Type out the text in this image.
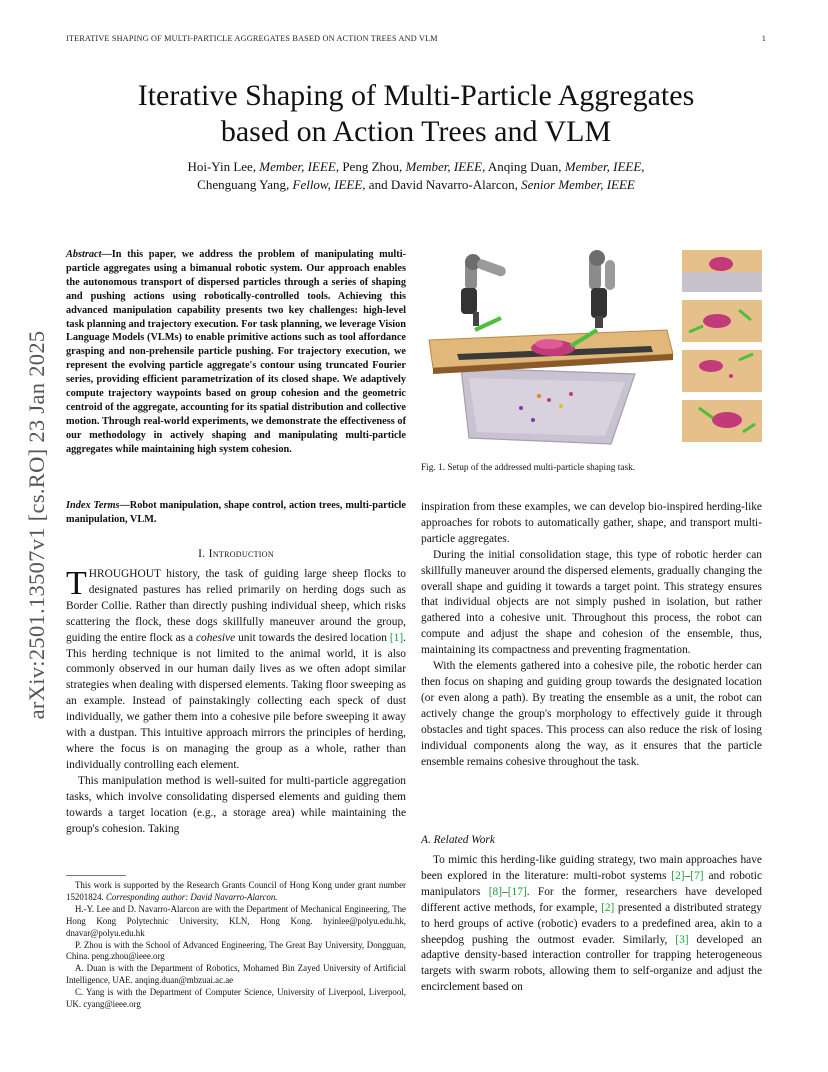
ITERATIVE SHAPING OF MULTI-PARTICLE AGGREGATES BASED ON ACTION TREES AND VLM	1
arXiv:2501.13507v1 [cs.RO] 23 Jan 2025
Iterative Shaping of Multi-Particle Aggregates
based on Action Trees and VLM
Hoi-Yin Lee, Member, IEEE, Peng Zhou, Member, IEEE, Anqing Duan, Member, IEEE,
Chenguang Yang, Fellow, IEEE, and David Navarro-Alarcon, Senior Member, IEEE
Abstract—In this paper, we address the problem of manipulating multi-particle aggregates using a bimanual robotic system. Our approach enables the autonomous transport of dispersed particles through a series of shaping and pushing actions using robotically-controlled tools. Achieving this advanced manipulation capability presents two key challenges: high-level task planning and trajectory execution. For task planning, we leverage Vision Language Models (VLMs) to enable primitive actions such as tool affordance grasping and non-prehensile particle pushing. For trajectory execution, we represent the evolving particle aggregate's contour using truncated Fourier series, providing efficient parametrization of its closed shape. We adaptively compute trajectory waypoints based on group cohesion and the geometric centroid of the aggregate, accounting for its spatial distribution and collective motion. Through real-world experiments, we demonstrate the effectiveness of our methodology in actively shaping and manipulating multi-particle aggregates while maintaining high system cohesion.
Index Terms—Robot manipulation, shape control, action trees, multi-particle manipulation, VLM.
I. Introduction

THROUGHOUT history, the task of guiding large sheep flocks to designated pastures has relied primarily on herding dogs such as Border Collie. Rather than directly pushing individual sheep, which risks scattering the flock, these dogs skillfully maneuver around the group, guiding the entire flock as a cohesive unit towards the desired location [1]. This herding technique is not limited to the animal world, it is also commonly observed in our human daily lives as we often adopt similar strategies when dealing with dispersed elements. Taking floor sweeping as an example. Instead of painstakingly collecting each speck of dust individually, we gather them into a cohesive pile before sweeping it away with a dustpan. This intuitive approach mirrors the principles of herding, where the focus is on managing the group as a whole, rather than individually controlling each element.

This manipulation method is well-suited for multi-particle aggregation tasks, which involve consolidating dispersed elements and guiding them towards a target location (e.g., a storage area) while maintaining the group's cohesion. Taking

This work is supported by the Research Grants Council of Hong Kong under grant number 15201824. Corresponding author: David Navarro-Alarcon.

H.-Y. Lee and D. Navarro-Alarcon are with the Department of Mechanical Engineering, The Hong Kong Polytechnic University, KLN, Hong Kong. hyinlee@polyu.edu.hk, dnavar@polyu.edu.hk

P. Zhou is with the School of Advanced Engineering, The Great Bay University, Dongguan, China. peng.zhou@ieee.org

A. Duan is with the Department of Robotics, Mohamed Bin Zayed University of Artificial Intelligence, UAE. anqing.duan@mbzuai.ac.ae

C. Yang is with the Department of Computer Science, University of Liverpool, Liverpool, UK. cyang@ieee.org

Fig. 1. Setup of the addressed multi-particle shaping task.

inspiration from these examples, we can develop bio-inspired herding-like approaches for robots to automatically gather, shape, and transport multi-particle aggregates.

During the initial consolidation stage, this type of robotic herder can skillfully maneuver around the dispersed elements, gradually changing the overall shape and guiding it towards a target point. This strategy ensures that individual objects are not simply pushed in isolation, but rather gathered into a cohesive unit. Throughout this process, the robot can compute and adjust the shape and cohesion of the ensemble, thus, maintaining its compactness and preventing fragmentation.

With the elements gathered into a cohesive pile, the robotic herder can then focus on shaping and guiding group towards the designated location (or even along a path). By treating the ensemble as a unit, the robot can actively change the group's morphology to effectively guide it through obstacles and tight spaces. This process can also reduce the risk of losing individual components along the way, as it ensures that the particle ensemble remains cohesive throughout the task.

A. Related Work

To mimic this herding-like guiding strategy, two main approaches have been explored in the literature: multi-robot systems [2]–[7] and robotic manipulators [8]–[17]. For the former, researchers have developed different active methods, for example, [2] presented a distributed strategy to herd groups of active (robotic) evaders to a predefined area, akin to a sheepdog pushing the outmost evader. Similarly, [3] developed an adaptive density-based interaction controller for trapping heterogeneous targets with swarm robots, allowing them to self-organize and adjust the encirclement based on
